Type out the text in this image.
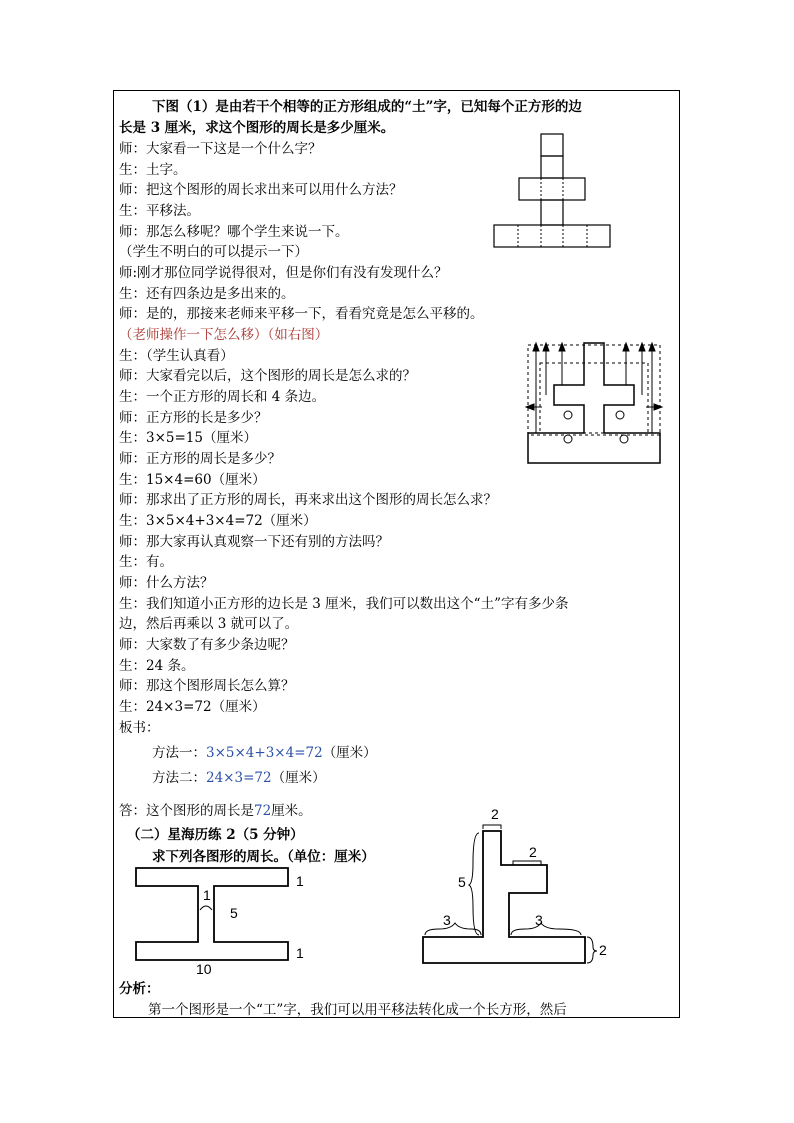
下图（1）是由若干个相等的正方形组成的“土”字，已知每个正方形的边
长是 3 厘米，求这个图形的周长是多少厘米。
师：大家看一下这是一个什么字？
生：土字。
师：把这个图形的周长求出来可以用什么方法？
生：平移法。
师：那怎么移呢？哪个学生来说一下。
（学生不明白的可以提示一下）
师:刚才那位同学说得很对，但是你们有没有发现什么？
生：还有四条边是多出来的。
师：是的，那接来老师来平移一下，看看究竟是怎么平移的。
（老师操作一下怎么移）（如右图）
生：（学生认真看）
师：大家看完以后，这个图形的周长是怎么求的？
生：一个正方形的周长和 4 条边。
师：正方形的长是多少？
生：3×5=15（厘米）
师：正方形的周长是多少？
生：15×4=60（厘米）
师：那求出了正方形的周长，再来求出这个图形的周长怎么求？
生：3×5×4+3×4=72（厘米）
师：那大家再认真观察一下还有别的方法吗？
生：有。
师：什么方法？
生：我们知道小正方形的边长是 3 厘米，我们可以数出这个“土”字有多少条
边，然后再乘以 3 就可以了。
师：大家数了有多少条边呢？
生：24 条。
师：那这个图形周长怎么算？
生：24×3=72（厘米）
板书：
方法一：3×5×4+3×4=72（厘米）
方法二：24×3=72（厘米）
答：这个图形的周长是72厘米。
（二）星海历练 2（5 分钟）
求下列各图形的周长。（单位：厘米）
分析：
第一个图形是一个“工”字，我们可以用平移法转化成一个长方形，然后
1
1
5
1
10
2
2
5
3	3
2
